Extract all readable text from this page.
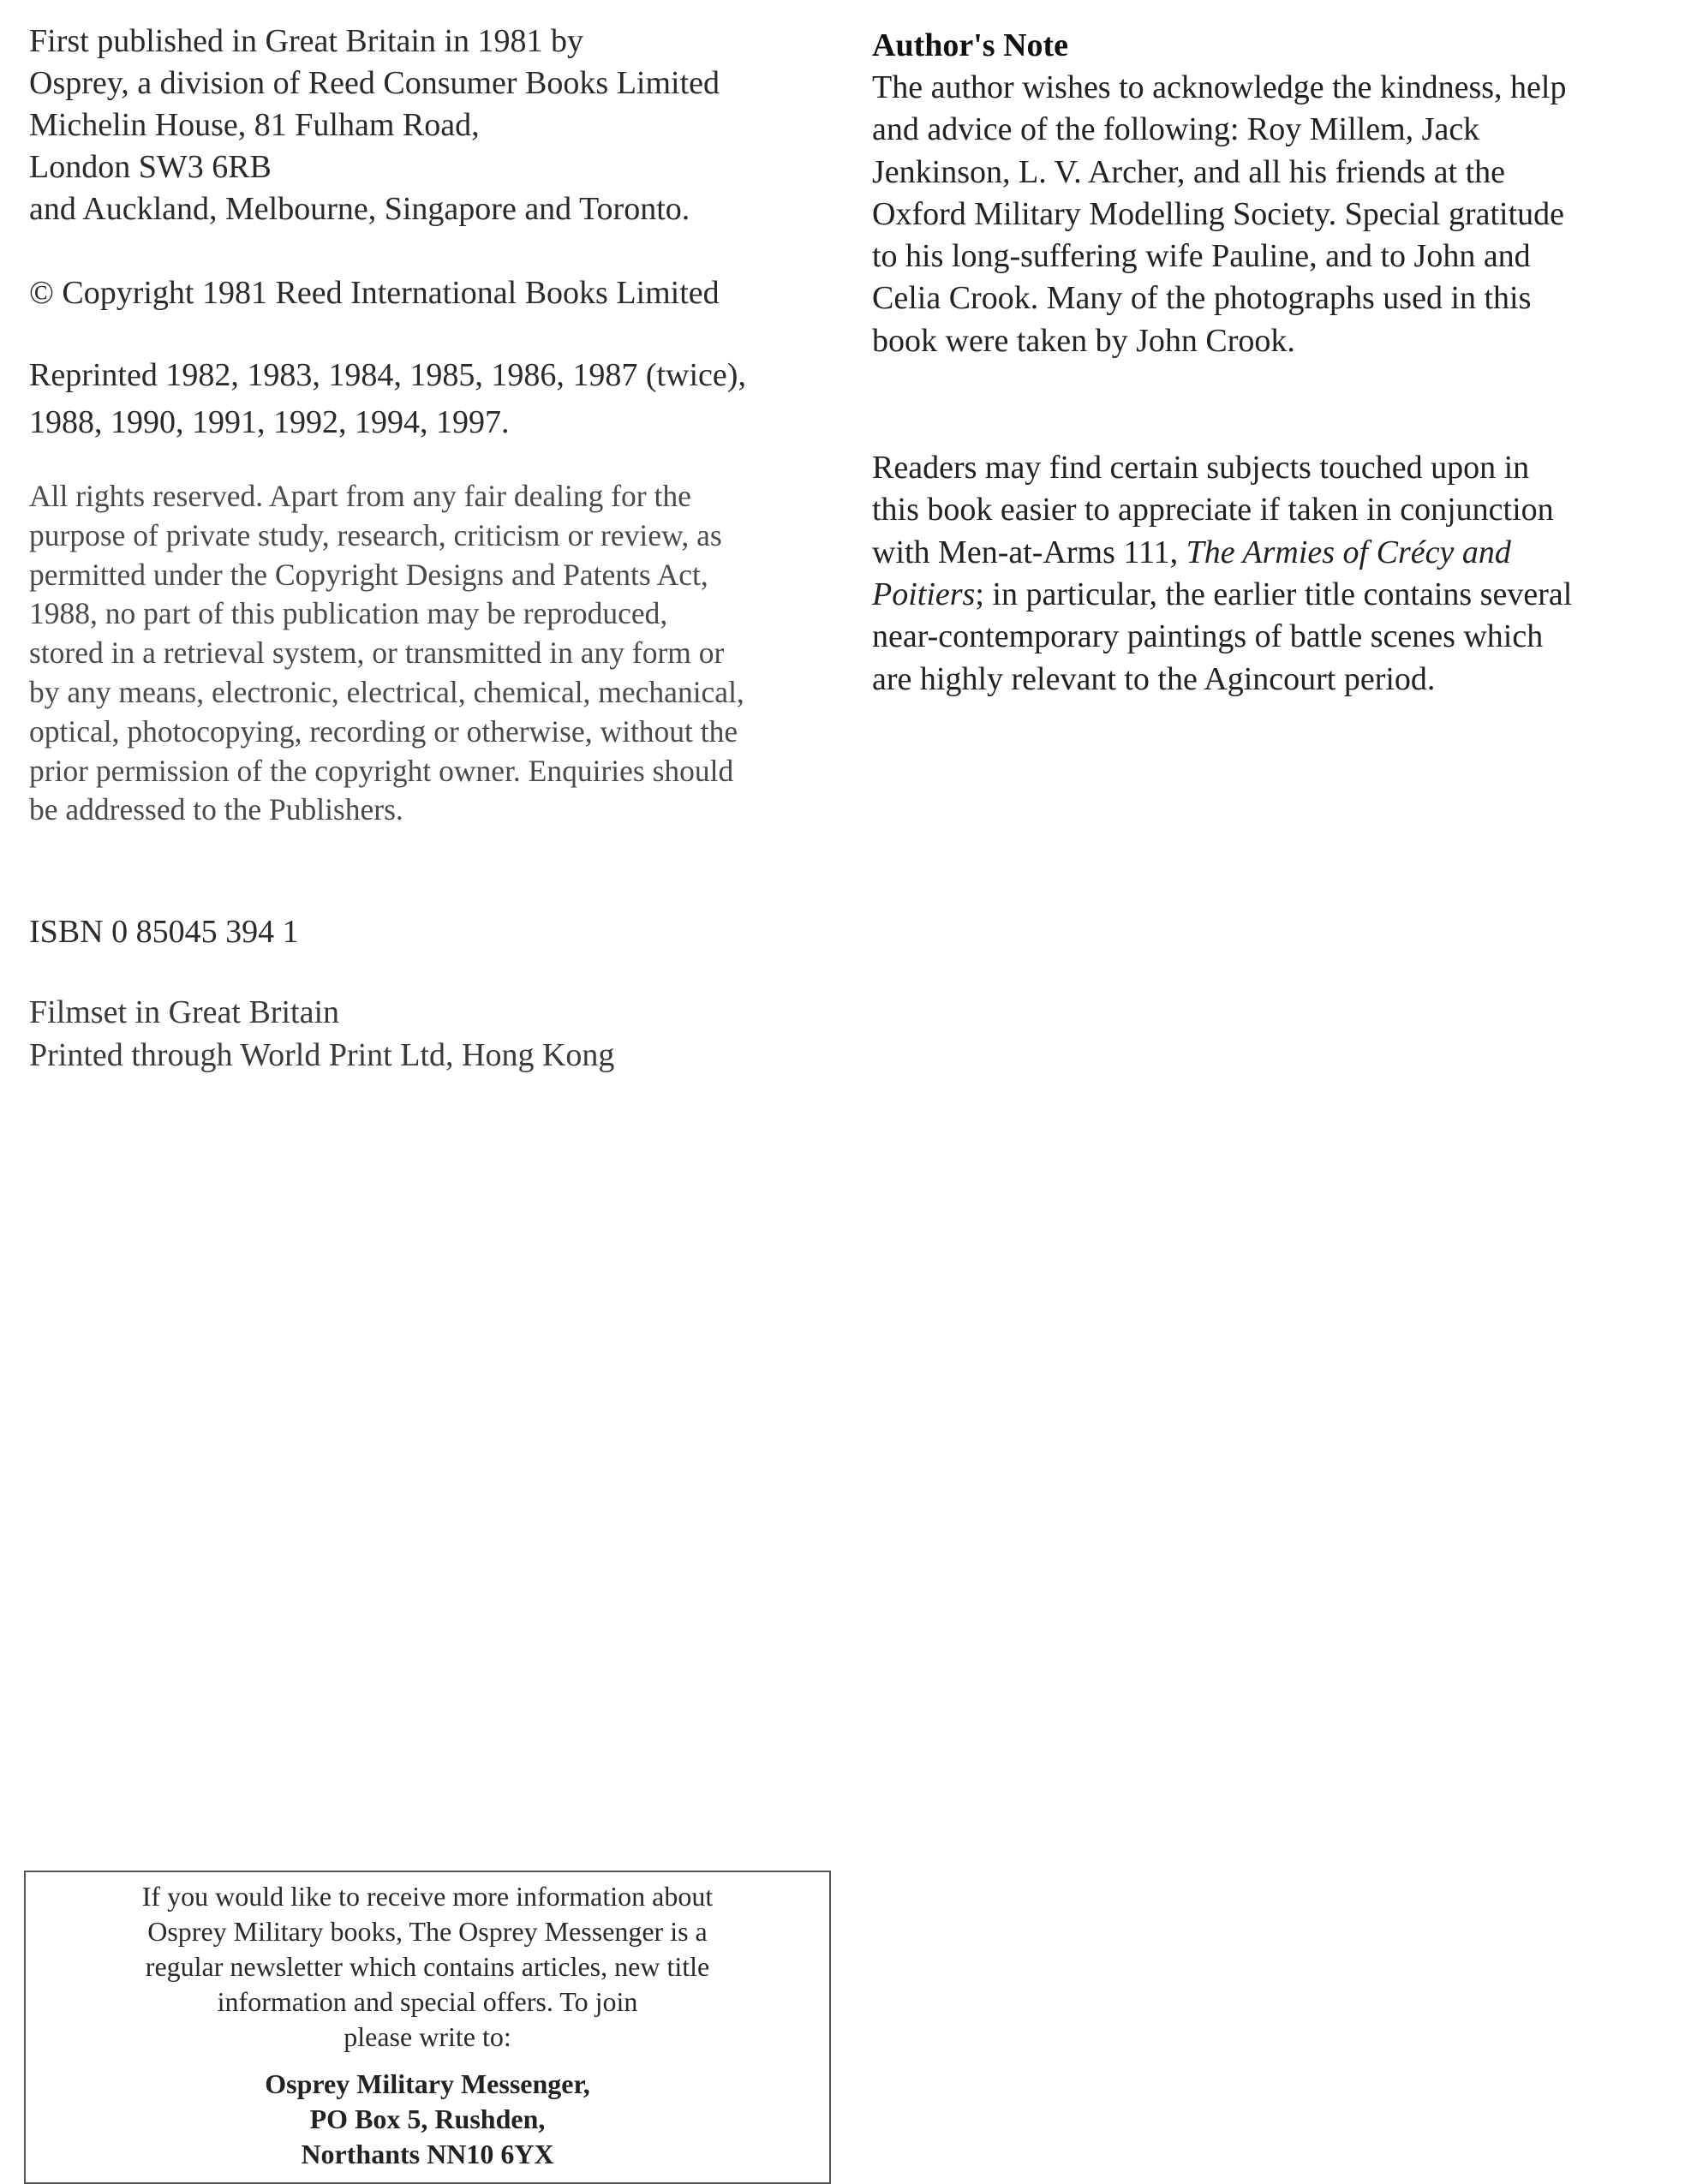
First published in Great Britain in 1981 by
Osprey, a division of Reed Consumer Books Limited
Michelin House, 81 Fulham Road,
London SW3 6RB
and Auckland, Melbourne, Singapore and Toronto.

© Copyright 1981 Reed International Books Limited

Reprinted 1982, 1983, 1984, 1985, 1986, 1987 (twice),
1988, 1990, 1991, 1992, 1994, 1997.

All rights reserved. Apart from any fair dealing for the
purpose of private study, research, criticism or review, as
permitted under the Copyright Designs and Patents Act,
1988, no part of this publication may be reproduced,
stored in a retrieval system, or transmitted in any form or
by any means, electronic, electrical, chemical, mechanical,
optical, photocopying, recording or otherwise, without the
prior permission of the copyright owner. Enquiries should
be addressed to the Publishers.

ISBN 0 85045 394 1

Filmset in Great Britain
Printed through World Print Ltd, Hong Kong

Author's Note

The author wishes to acknowledge the kindness, help
and advice of the following: Roy Millem, Jack
Jenkinson, L. V. Archer, and all his friends at the
Oxford Military Modelling Society. Special gratitude
to his long-suffering wife Pauline, and to John and
Celia Crook. Many of the photographs used in this
book were taken by John Crook.

Readers may find certain subjects touched upon in
this book easier to appreciate if taken in conjunction
with Men-at-Arms 111, The Armies of Crécy and
Poitiers; in particular, the earlier title contains several
near-contemporary paintings of battle scenes which
are highly relevant to the Agincourt period.

If you would like to receive more information about
Osprey Military books, The Osprey Messenger is a
regular newsletter which contains articles, new title
information and special offers. To join
please write to:
Osprey Military Messenger,
PO Box 5, Rushden,
Northants NN10 6YX
